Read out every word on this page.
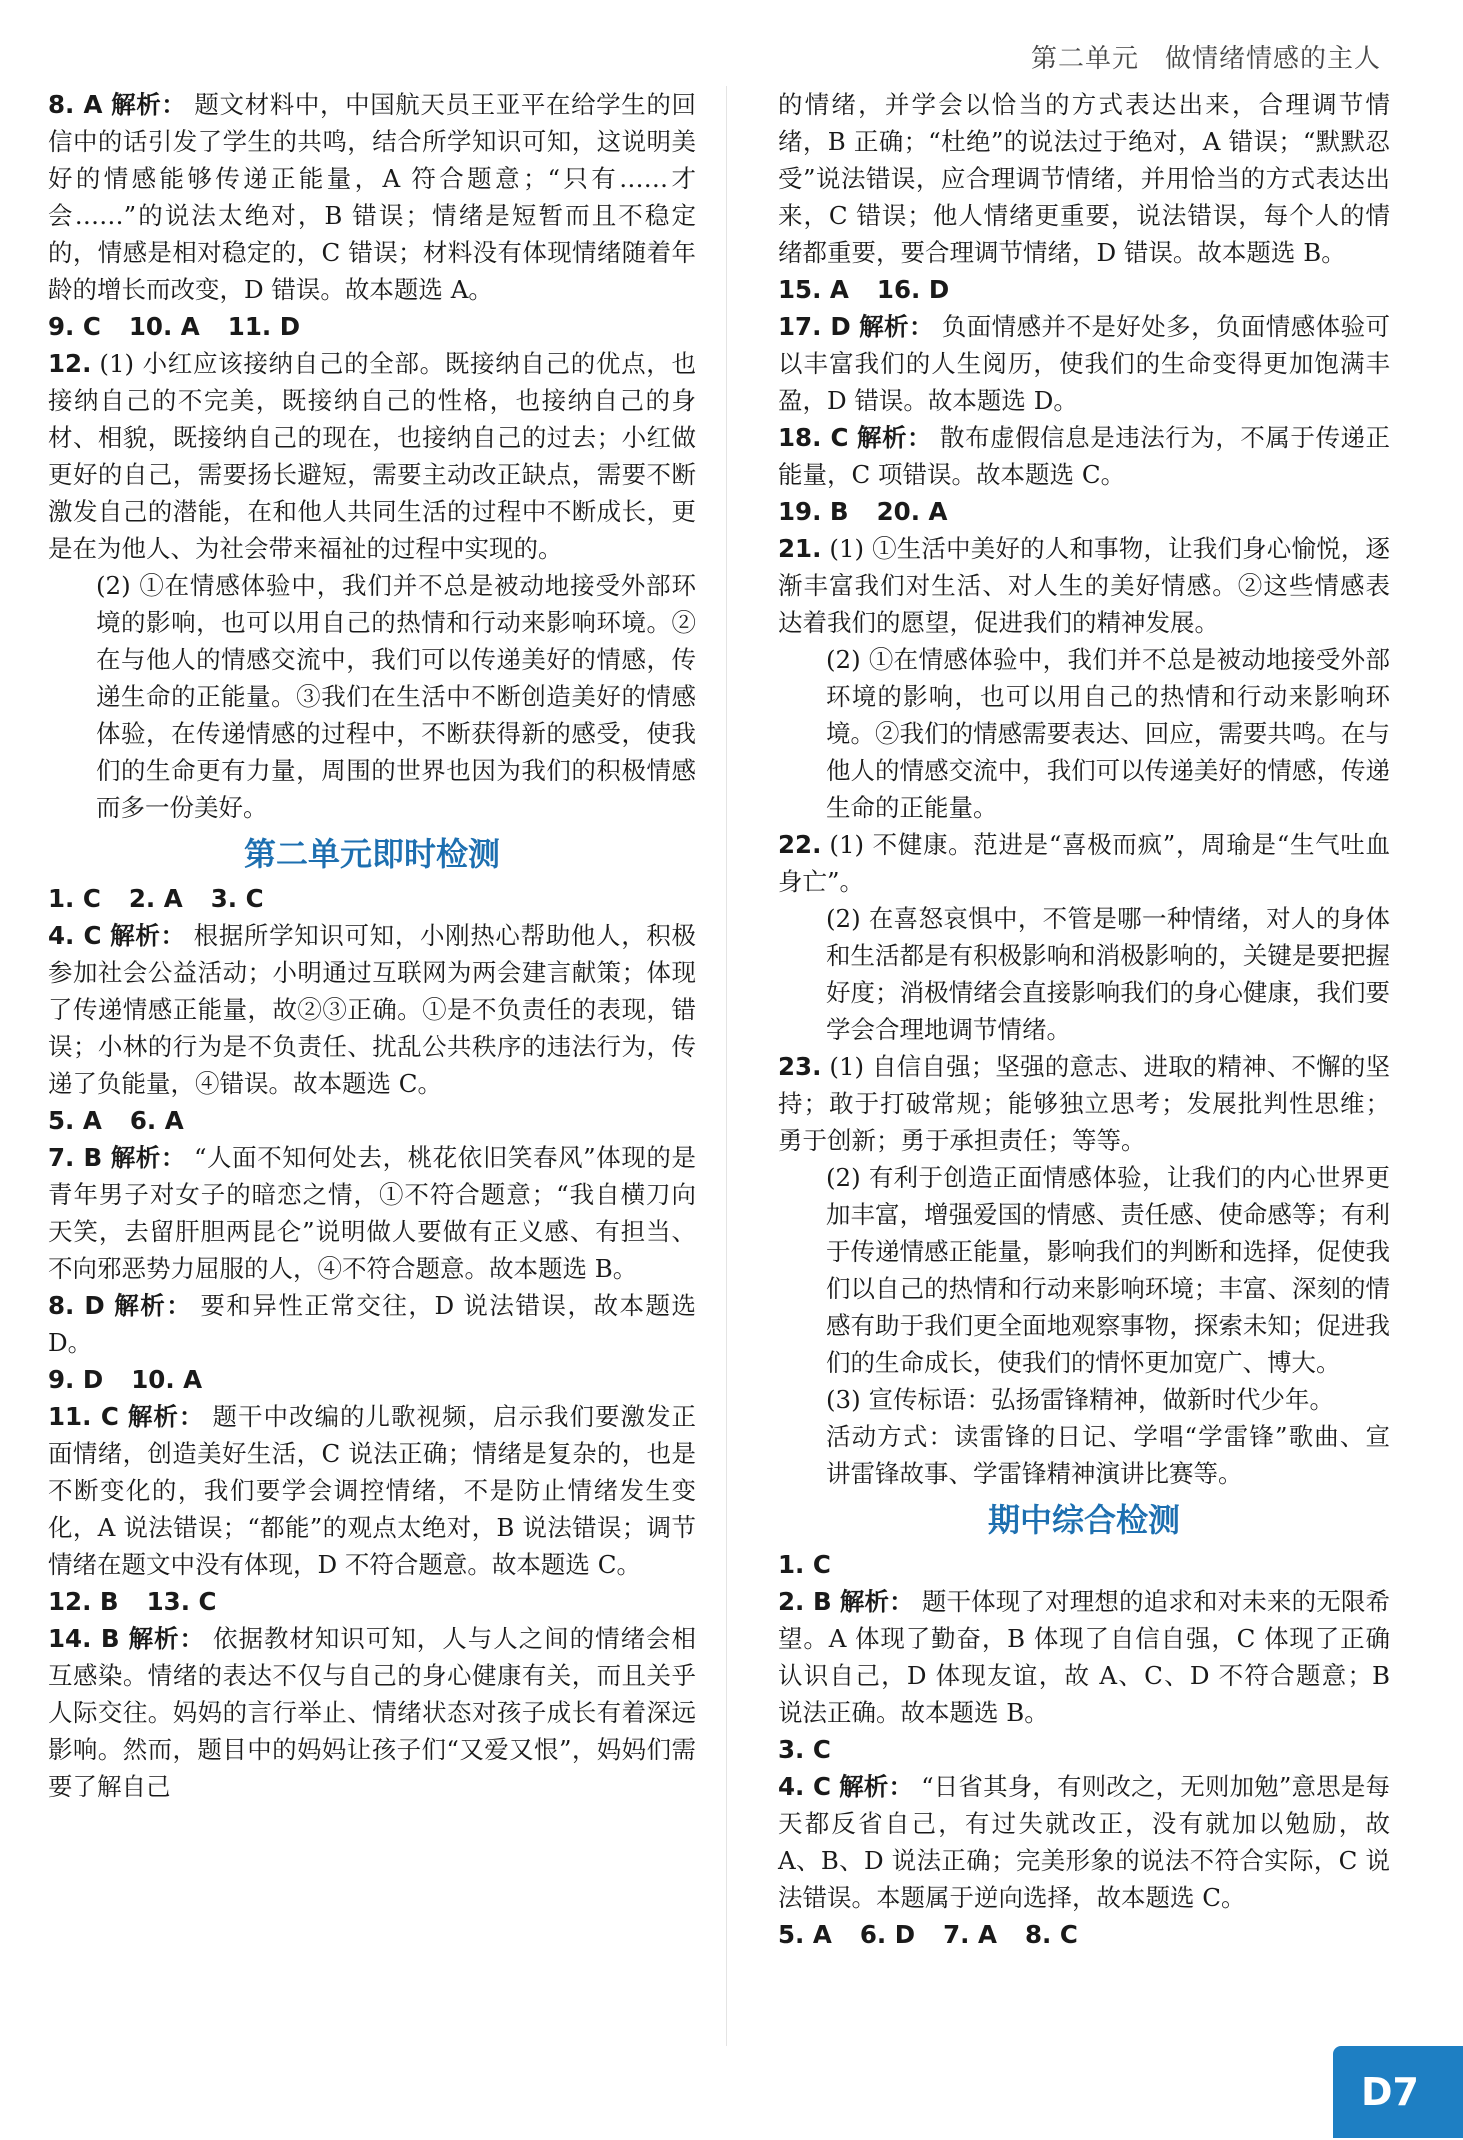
第二单元 做情绪情感的主人

8. A 解析： 题文材料中，中国航天员王亚平在给学生的回信中的话引发了学生的共鸣，结合所学知识可知，这说明美好的情感能够传递正能量，A 符合题意；“只有……才会……”的说法太绝对，B 错误；情绪是短暂而且不稳定的，情感是相对稳定的，C 错误；材料没有体现情绪随着年龄的增长而改变，D 错误。故本题选 A。

9. C 10. A 11. D

12. (1) 小红应该接纳自己的全部。既接纳自己的优点，也接纳自己的不完美，既接纳自己的性格，也接纳自己的身材、相貌，既接纳自己的现在，也接纳自己的过去；小红做更好的自己，需要扬长避短，需要主动改正缺点，需要不断激发自己的潜能，在和他人共同生活的过程中不断成长，更是在为他人、为社会带来福祉的过程中实现的。

(2) ①在情感体验中，我们并不总是被动地接受外部环境的影响，也可以用自己的热情和行动来影响环境。②在与他人的情感交流中，我们可以传递美好的情感，传递生命的正能量。③我们在生活中不断创造美好的情感体验，在传递情感的过程中，不断获得新的感受，使我们的生命更有力量，周围的世界也因为我们的积极情感而多一份美好。

第二单元即时检测
1. C 2. A 3. C

4. C 解析： 根据所学知识可知，小刚热心帮助他人，积极参加社会公益活动；小明通过互联网为两会建言献策；体现了传递情感正能量，故②③正确。①是不负责任的表现，错误；小林的行为是不负责任、扰乱公共秩序的违法行为，传递了负能量，④错误。故本题选 C。

5. A 6. A

7. B 解析： “人面不知何处去，桃花依旧笑春风”体现的是青年男子对女子的暗恋之情，①不符合题意；“我自横刀向天笑，去留肝胆两昆仑”说明做人要做有正义感、有担当、不向邪恶势力屈服的人，④不符合题意。故本题选 B。

8. D 解析： 要和异性正常交往，D 说法错误，故本题选 D。

9. D 10. A

11. C 解析： 题干中改编的儿歌视频，启示我们要激发正面情绪，创造美好生活，C 说法正确；情绪是复杂的，也是不断变化的，我们要学会调控情绪，不是防止情绪发生变化，A 说法错误；“都能”的观点太绝对，B 说法错误；调节情绪在题文中没有体现，D 不符合题意。故本题选 C。

12. B 13. C

14. B 解析： 依据教材知识可知，人与人之间的情绪会相互感染。情绪的表达不仅与自己的身心健康有关，而且关乎人际交往。妈妈的言行举止、情绪状态对孩子成长有着深远影响。然而，题目中的妈妈让孩子们“又爱又恨”，妈妈们需要了解自己

的情绪，并学会以恰当的方式表达出来，合理调节情绪，B 正确；“杜绝”的说法过于绝对，A 错误；“默默忍受”说法错误，应合理调节情绪，并用恰当的方式表达出来，C 错误；他人情绪更重要，说法错误，每个人的情绪都重要，要合理调节情绪，D 错误。故本题选 B。

15. A 16. D

17. D 解析： 负面情感并不是好处多，负面情感体验可以丰富我们的人生阅历，使我们的生命变得更加饱满丰盈，D 错误。故本题选 D。

18. C 解析： 散布虚假信息是违法行为，不属于传递正能量，C 项错误。故本题选 C。

19. B 20. A

21. (1) ①生活中美好的人和事物，让我们身心愉悦，逐渐丰富我们对生活、对人生的美好情感。②这些情感表达着我们的愿望，促进我们的精神发展。

(2) ①在情感体验中，我们并不总是被动地接受外部环境的影响，也可以用自己的热情和行动来影响环境。②我们的情感需要表达、回应，需要共鸣。在与他人的情感交流中，我们可以传递美好的情感，传递生命的正能量。

22. (1) 不健康。范进是“喜极而疯”，周瑜是“生气吐血身亡”。

(2) 在喜怒哀惧中，不管是哪一种情绪，对人的身体和生活都是有积极影响和消极影响的，关键是要把握好度；消极情绪会直接影响我们的身心健康，我们要学会合理地调节情绪。

23. (1) 自信自强；坚强的意志、进取的精神、不懈的坚持；敢于打破常规；能够独立思考；发展批判性思维；勇于创新；勇于承担责任；等等。

(2) 有利于创造正面情感体验，让我们的内心世界更加丰富，增强爱国的情感、责任感、使命感等；有利于传递情感正能量，影响我们的判断和选择，促使我们以自己的热情和行动来影响环境；丰富、深刻的情感有助于我们更全面地观察事物，探索未知；促进我们的生命成长，使我们的情怀更加宽广、博大。

(3) 宣传标语：弘扬雷锋精神，做新时代少年。

活动方式：读雷锋的日记、学唱“学雷锋”歌曲、宣讲雷锋故事、学雷锋精神演讲比赛等。

期中综合检测
1. C

2. B 解析： 题干体现了对理想的追求和对未来的无限希望。A 体现了勤奋，B 体现了自信自强，C 体现了正确认识自己，D 体现友谊，故 A、C、D 不符合题意；B 说法正确。故本题选 B。

3. C

4. C 解析： “日省其身，有则改之，无则加勉”意思是每天都反省自己，有过失就改正，没有就加以勉励，故 A、B、D 说法正确；完美形象的说法不符合实际，C 说法错误。本题属于逆向选择，故本题选 C。

5. A 6. D 7. A 8. C
D7
